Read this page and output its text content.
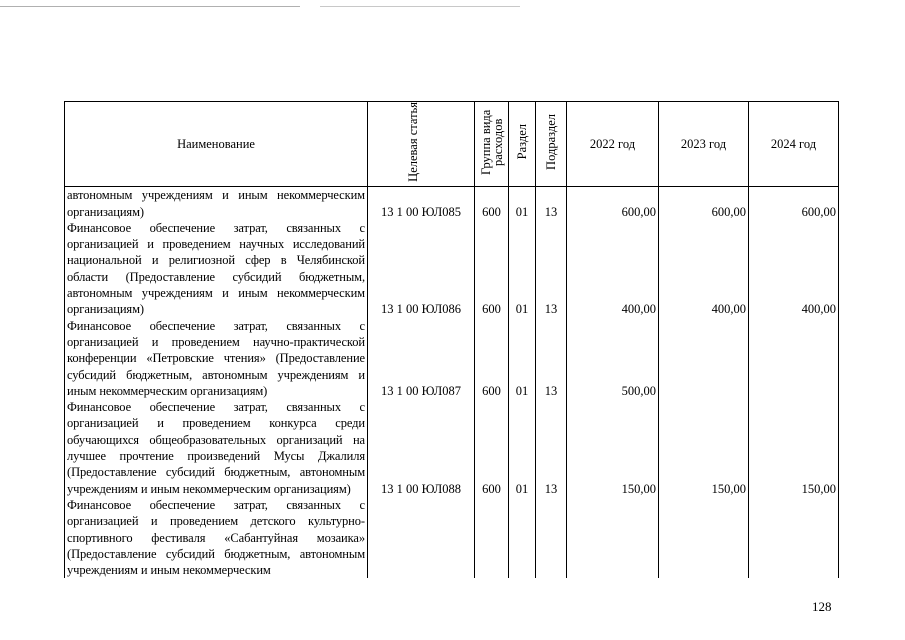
Наименование	Целевая статья	Группа вида расходов	Раздел	Подраздел	2022 год	2023 год	2024 год
автономным учреждениям и иным некоммерческим организациям)	13 1 00 ЮЛ085	600	01	13	600,00	600,00	600,00
Финансовое обеспечение затрат, связанных с организацией и проведением научных исследований национальной и религиозной сфер в Челябинской области (Предоставление субсидий бюджетным, автономным учреждениям и иным некоммерческим организациям)	13 1 00 ЮЛ086	600	01	13	400,00	400,00	400,00
Финансовое обеспечение затрат, связанных с организацией и проведением научно-практической конференции «Петровские чтения» (Предоставление субсидий бюджетным, автономным учреждениям и иным некоммерческим организациям)	13 1 00 ЮЛ087	600	01	13	500,00		
Финансовое обеспечение затрат, связанных с организацией и проведением конкурса среди обучающихся общеобразовательных организаций на лучшее прочтение произведений Мусы Джалиля (Предоставление субсидий бюджетным, автономным учреждениям и иным некоммерческим организациям)	13 1 00 ЮЛ088	600	01	13	150,00	150,00	150,00
Финансовое обеспечение затрат, связанных с организацией и проведением детского культурно-спортивного фестиваля «Сабантуйная мозаика» (Предоставление субсидий бюджетным, автономным учреждениям и иным некоммерческим							
128
